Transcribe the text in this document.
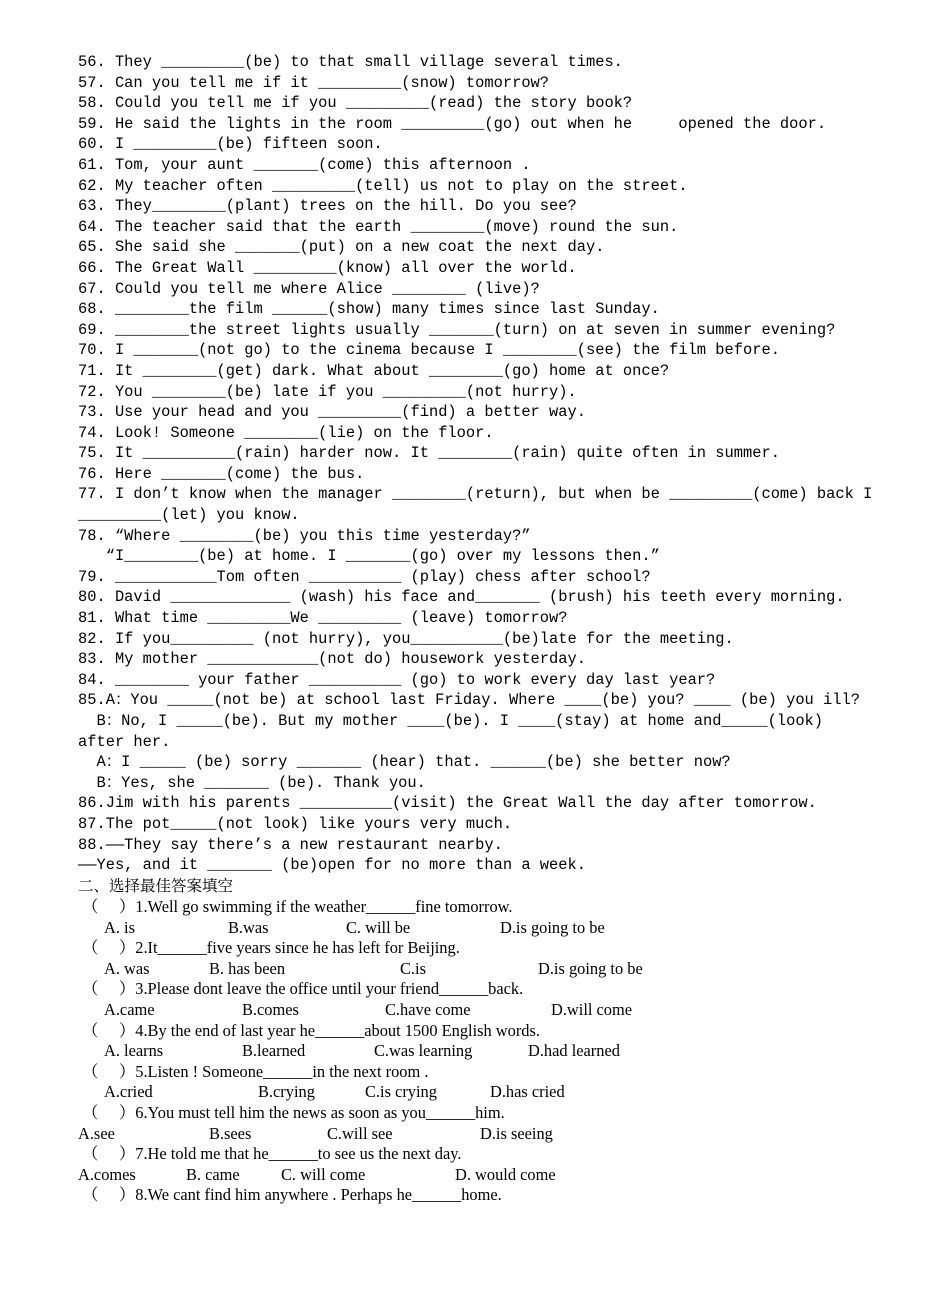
56. They _________(be) to that small village several times.
57. Can you tell me if it _________(snow) tomorrow?
58. Could you tell me if you _________(read) the story book?
59. He said the lights in the room _________(go) out when he     opened the door.
60. I _________(be) fifteen soon.
61. Tom, your aunt _______(come) this afternoon .
62. My teacher often _________(tell) us not to play on the street.
63. They________(plant) trees on the hill. Do you see?
64. The teacher said that the earth ________(move) round the sun.
65. She said she _______(put) on a new coat the next day.
66. The Great Wall _________(know) all over the world.
67. Could you tell me where Alice ________ (live)?
68. ________the film ______(show) many times since last Sunday.
69. ________the street lights usually _______(turn) on at seven in summer evening?
70. I _______(not go) to the cinema because I ________(see) the film before.
71. It ________(get) dark. What about ________(go) home at once?
72. You ________(be) late if you _________(not hurry).
73. Use your head and you _________(find) a better way.
74. Look! Someone ________(lie) on the floor.
75. It __________(rain) harder now. It ________(rain) quite often in summer.
76. Here _______(come) the bus.
77. I don’t know when the manager ________(return), but when be _________(come) back I
_________(let) you know.
78. “Where ________(be) you this time yesterday?”
“I________(be) at home. I _______(go) over my lessons then.”
79. ___________Tom often __________ (play) chess after school?
80. David _____________ (wash) his face and_______ (brush) his teeth every morning.
81. What time _________We _________ (leave) tomorrow?
82. If you_________ (not hurry), you__________(be)late for the meeting.
83. My mother ____________(not do) housework yesterday.
84. ________ your father __________ (go) to work every day last year?
85.A：You _____(not be) at school last Friday. Where ____(be) you? ____ (be) you ill?
B：No, I _____(be). But my mother ____(be). I ____(stay) at home and_____(look)
after her.
A：I _____ (be) sorry _______ (hear) that. ______(be) she better now?
B：Yes, she _______ (be). Thank you.
86.Jim with his parents __________(visit) the Great Wall the day after tomorrow.
87.The pot_____(not look) like yours very much.
88.——They say there’s a new restaurant nearby.
——Yes, and it _______ (be)open for no more than a week.
二、选择最佳答案填空
（     ）1.Well go swimming if the weather______fine tomorrow.
A. is	B.was	C. will be	D.is going to be
（     ）2.It______five years since he has left for Beijing.
A. was	B. has been	C.is	D.is going to be
（     ）3.Please dont leave the office until your friend______back.
A.came	B.comes	C.have come	D.will come
（     ）4.By the end of last year he______about 1500 English words.
A. learns	B.learned	C.was learning	D.had learned
（     ）5.Listen ! Someone______in the next room .
A.cried	B.crying	C.is crying	D.has cried
（     ）6.You must tell him the news as soon as you______him.
A.see	B.sees	C.will see	D.is seeing
（     ）7.He told me that he______to see us the next day.
A.comes	B. came	C. will come	D. would come
（     ）8.We cant find him anywhere . Perhaps he______home.
